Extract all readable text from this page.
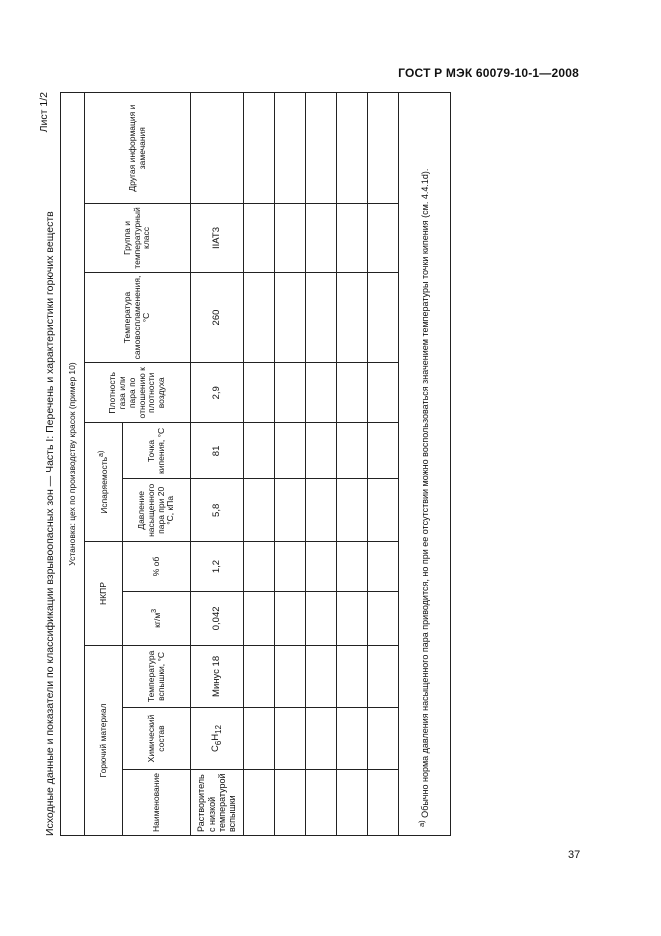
ГОСТ Р МЭК 60079-10-1—2008
Исходные данные и показатели по классификации взрывоопасных зон — Часть I: Перечень и характеристики горючих веществ
Лист 1/2
Установка: цех по производству красок (пример 10)										
Горючий материал			НКПР		Испаряемость$^{а)}$		Плотность газа или пара по отношению к плотности воздуха	Температура самовоспламенения, °С	Группа и температурный класс	Другая информация и замечания
Наименование	Химический состав	Температура вспышки, °С	$кг/м^3$	% об	Давление насыщенного пара при 20 °С, кПа	Точка кипения, °С				
Растворитель с низкой температурой вспышки	$C_6H_{12}$	Минус 18	0,042	1,2	5,8	81	2,9	260	IIАТ3	

$^{а)}$ Обычно норма давления насыщенного пара приводится, но при ее отсутствии можно воспользоваться значением температуры точки кипения (см. 4.4.1d).										
37
